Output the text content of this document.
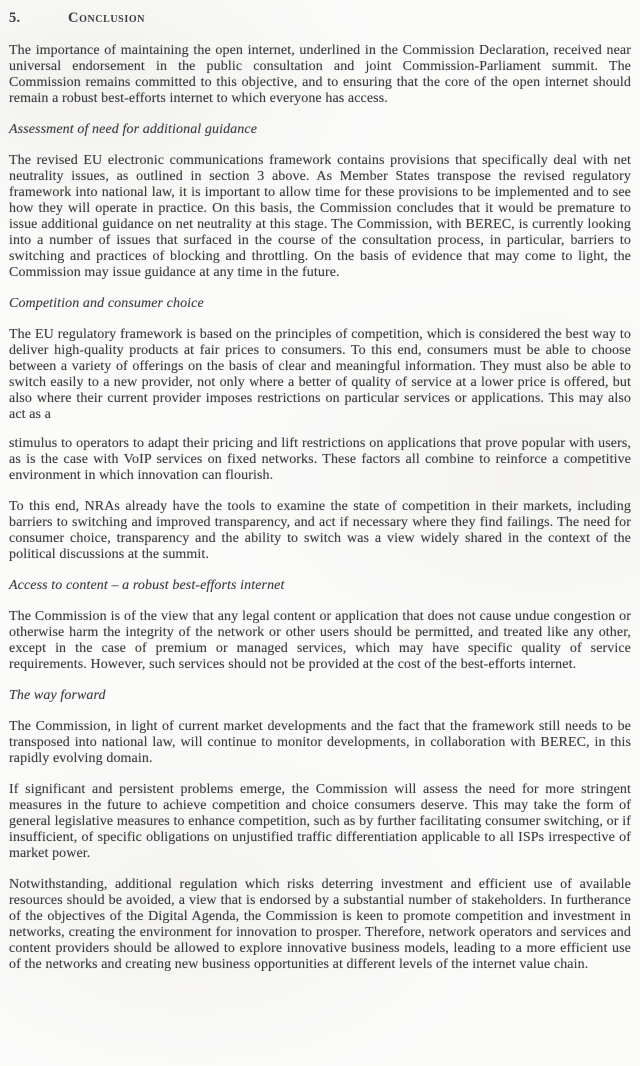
5.	Conclusion

The importance of maintaining the open internet, underlined in the Commission Declaration, received near universal endorsement in the public consultation and joint Commission-Parliament summit. The Commission remains committed to this objective, and to ensuring that the core of the open internet should remain a robust best-efforts internet to which everyone has access.

Assessment of need for additional guidance

The revised EU electronic communications framework contains provisions that specifically deal with net neutrality issues, as outlined in section 3 above. As Member States transpose the revised regulatory framework into national law, it is important to allow time for these provisions to be implemented and to see how they will operate in practice. On this basis, the Commission concludes that it would be premature to issue additional guidance on net neutrality at this stage. The Commission, with BEREC, is currently looking into a number of issues that surfaced in the course of the consultation process, in particular, barriers to switching and practices of blocking and throttling. On the basis of evidence that may come to light, the Commission may issue guidance at any time in the future.

Competition and consumer choice

The EU regulatory framework is based on the principles of competition, which is considered the best way to deliver high-quality products at fair prices to consumers. To this end, consumers must be able to choose between a variety of offerings on the basis of clear and meaningful information. They must also be able to switch easily to a new provider, not only where a better of quality of service at a lower price is offered, but also where their current provider imposes restrictions on particular services or applications. This may also act as a

stimulus to operators to adapt their pricing and lift restrictions on applications that prove popular with users, as is the case with VoIP services on fixed networks. These factors all combine to reinforce a competitive environment in which innovation can flourish.

To this end, NRAs already have the tools to examine the state of competition in their markets, including barriers to switching and improved transparency, and act if necessary where they find failings. The need for consumer choice, transparency and the ability to switch was a view widely shared in the context of the political discussions at the summit.

Access to content – a robust best-efforts internet

The Commission is of the view that any legal content or application that does not cause undue congestion or otherwise harm the integrity of the network or other users should be permitted, and treated like any other, except in the case of premium or managed services, which may have specific quality of service requirements. However, such services should not be provided at the cost of the best-efforts internet.

The way forward

The Commission, in light of current market developments and the fact that the framework still needs to be transposed into national law, will continue to monitor developments, in collaboration with BEREC, in this rapidly evolving domain.

If significant and persistent problems emerge, the Commission will assess the need for more stringent measures in the future to achieve competition and choice consumers deserve. This may take the form of general legislative measures to enhance competition, such as by further facilitating consumer switching, or if insufficient, of specific obligations on unjustified traffic differentiation applicable to all ISPs irrespective of market power.

Notwithstanding, additional regulation which risks deterring investment and efficient use of available resources should be avoided, a view that is endorsed by a substantial number of stakeholders. In furtherance of the objectives of the Digital Agenda, the Commission is keen to promote competition and investment in networks, creating the environment for innovation to prosper. Therefore, network operators and services and content providers should be allowed to explore innovative business models, leading to a more efficient use of the networks and creating new business opportunities at different levels of the internet value chain.
